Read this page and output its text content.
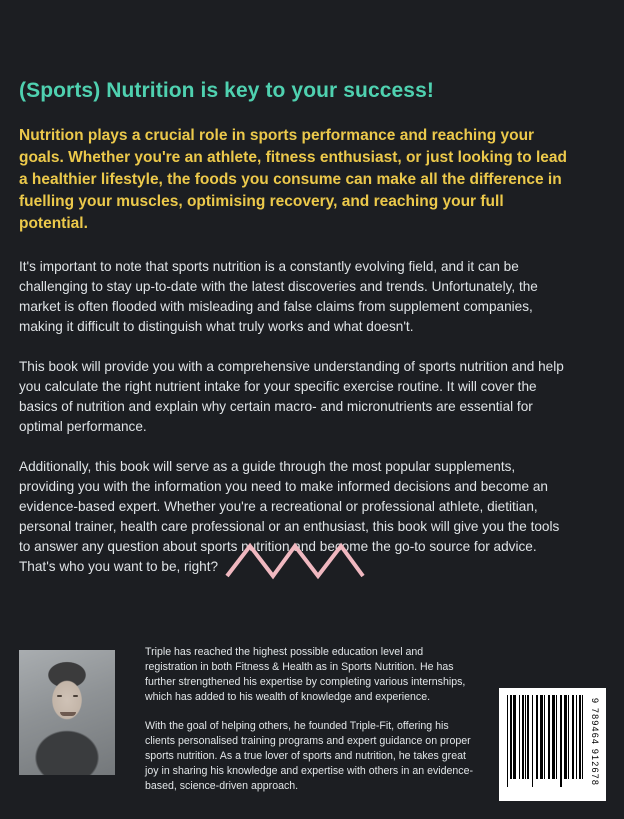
(Sports) Nutrition is key to your success!

Nutrition plays a crucial role in sports performance and reaching your goals. Whether you're an athlete, fitness enthusiast, or just looking to lead a healthier lifestyle, the foods you consume can make all the difference in fuelling your muscles, optimising recovery, and reaching your full potential.

It's important to note that sports nutrition is a constantly evolving field, and it can be challenging to stay up-to-date with the latest discoveries and trends. Unfortunately, the market is often flooded with misleading and false claims from supplement companies, making it difficult to distinguish what truly works and what doesn't.

This book will provide you with a comprehensive understanding of sports nutrition and help you calculate the right nutrient intake for your specific exercise routine. It will cover the basics of nutrition and explain why certain macro- and micronutrients are essential for optimal performance.

Additionally, this book will serve as a guide through the most popular supplements, providing you with the information you need to make informed decisions and become an evidence-based expert. Whether you're a recreational or professional athlete, dietitian, personal trainer, health care professional or an enthusiast, this book will give you the tools to answer any question about sports nutrition and become the go-to source for advice. That's who you want to be, right?

Triple has reached the highest possible education level and registration in both Fitness & Health as in Sports Nutrition. He has further strengthened his expertise by completing various internships, which has added to his wealth of knowledge and experience.

With the goal of helping others, he founded Triple-Fit, offering his clients personalised training programs and expert guidance on proper sports nutrition. As a true lover of sports and nutrition, he takes great joy in sharing his knowledge and expertise with others in an evidence-based, science-driven approach.

9 789464 912678
